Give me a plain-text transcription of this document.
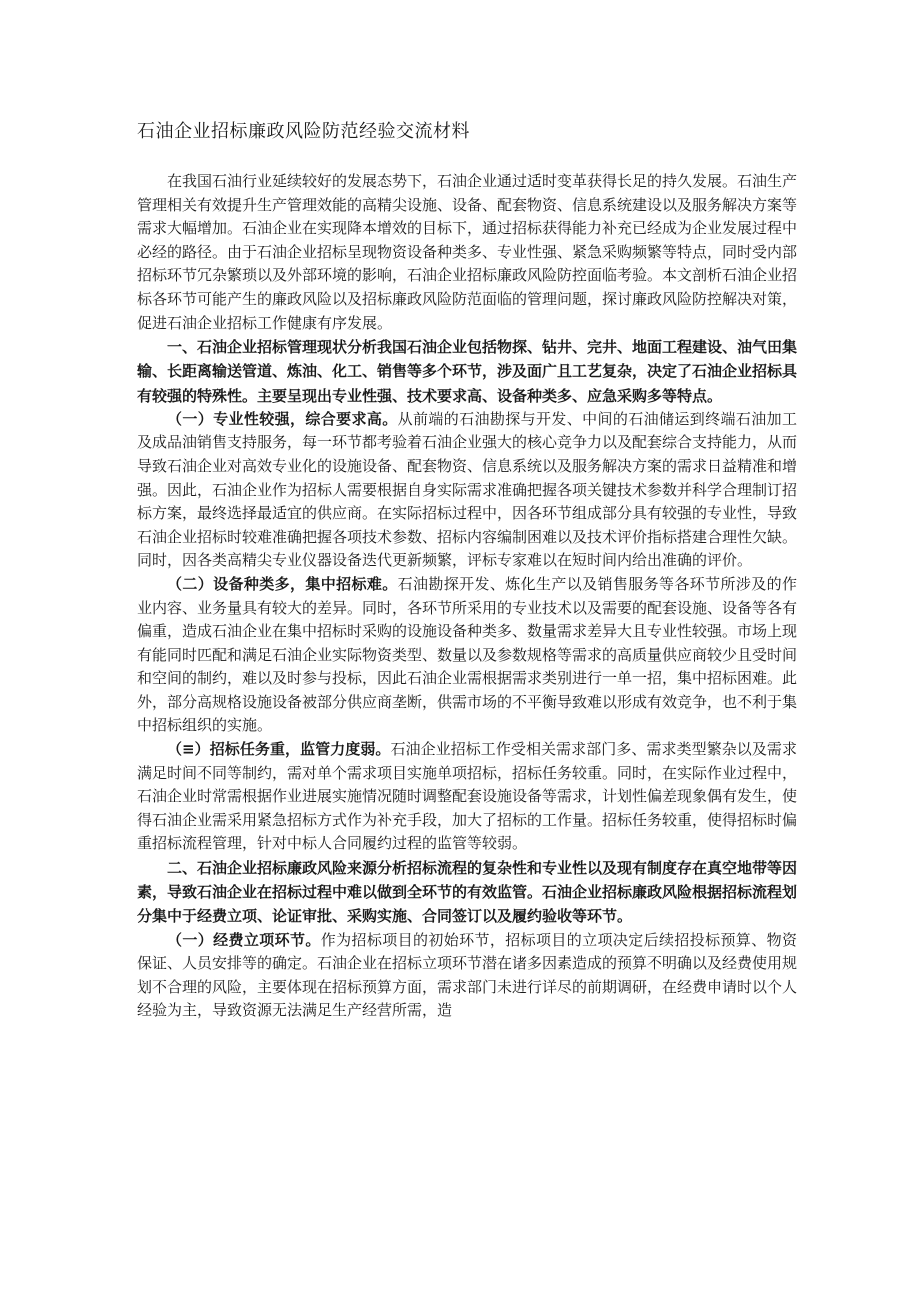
石油企业招标廉政风险防范经验交流材料

在我国石油行业延续较好的发展态势下，石油企业通过适时变革获得长足的持久发展。石油生产管理相关有效提升生产管理效能的高精尖设施、设备、配套物资、信息系统建设以及服务解决方案等需求大幅增加。石油企业在实现降本增效的目标下，通过招标获得能力补充已经成为企业发展过程中必经的路径。由于石油企业招标呈现物资设备种类多、专业性强、紧急采购频繁等特点，同时受内部招标环节冗杂繁琐以及外部环境的影响，石油企业招标廉政风险防控面临考验。本文剖析石油企业招标各环节可能产生的廉政风险以及招标廉政风险防范面临的管理问题，探讨廉政风险防控解决对策，促进石油企业招标工作健康有序发展。

一、石油企业招标管理现状分析我国石油企业包括物探、钻井、完井、地面工程建设、油气田集输、长距离输送管道、炼油、化工、销售等多个环节，涉及面广且工艺复杂，决定了石油企业招标具有较强的特殊性。主要呈现出专业性强、技术要求高、设备种类多、应急采购多等特点。

（一）专业性较强，综合要求高。从前端的石油勘探与开发、中间的石油储运到终端石油加工及成品油销售支持服务，每一环节都考验着石油企业强大的核心竞争力以及配套综合支持能力，从而导致石油企业对高效专业化的设施设备、配套物资、信息系统以及服务解决方案的需求日益精准和增强。因此，石油企业作为招标人需要根据自身实际需求准确把握各项关键技术参数并科学合理制订招标方案，最终选择最适宜的供应商。在实际招标过程中，因各环节组成部分具有较强的专业性，导致石油企业招标时较难准确把握各项技术参数、招标内容编制困难以及技术评价指标搭建合理性欠缺。同时，因各类高精尖专业仪器设备迭代更新频繁，评标专家难以在短时间内给出准确的评价。

（二）设备种类多，集中招标难。石油勘探开发、炼化生产以及销售服务等各环节所涉及的作业内容、业务量具有较大的差异。同时，各环节所采用的专业技术以及需要的配套设施、设备等各有偏重，造成石油企业在集中招标时采购的设施设备种类多、数量需求差异大且专业性较强。市场上现有能同时匹配和满足石油企业实际物资类型、数量以及参数规格等需求的高质量供应商较少且受时间和空间的制约，难以及时参与投标，因此石油企业需根据需求类别进行一单一招，集中招标困难。此外，部分高规格设施设备被部分供应商垄断，供需市场的不平衡导致难以形成有效竞争，也不利于集中招标组织的实施。

（≡）招标任务重，监管力度弱。石油企业招标工作受相关需求部门多、需求类型繁杂以及需求满足时间不同等制约，需对单个需求项目实施单项招标，招标任务较重。同时，在实际作业过程中，石油企业时常需根据作业进展实施情况随时调整配套设施设备等需求，计划性偏差现象偶有发生，使得石油企业需采用紧急招标方式作为补充手段，加大了招标的工作量。招标任务较重，使得招标时偏重招标流程管理，针对中标人合同履约过程的监管等较弱。

二、石油企业招标廉政风险来源分析招标流程的复杂性和专业性以及现有制度存在真空地带等因素，导致石油企业在招标过程中难以做到全环节的有效监管。石油企业招标廉政风险根据招标流程划分集中于经费立项、论证审批、采购实施、合同签订以及履约验收等环节。

（一）经费立项环节。作为招标项目的初始环节，招标项目的立项决定后续招投标预算、物资保证、人员安排等的确定。石油企业在招标立项环节潜在诸多因素造成的预算不明确以及经费使用规划不合理的风险，主要体现在招标预算方面，需求部门未进行详尽的前期调研，在经费申请时以个人经验为主，导致资源无法满足生产经营所需，造
